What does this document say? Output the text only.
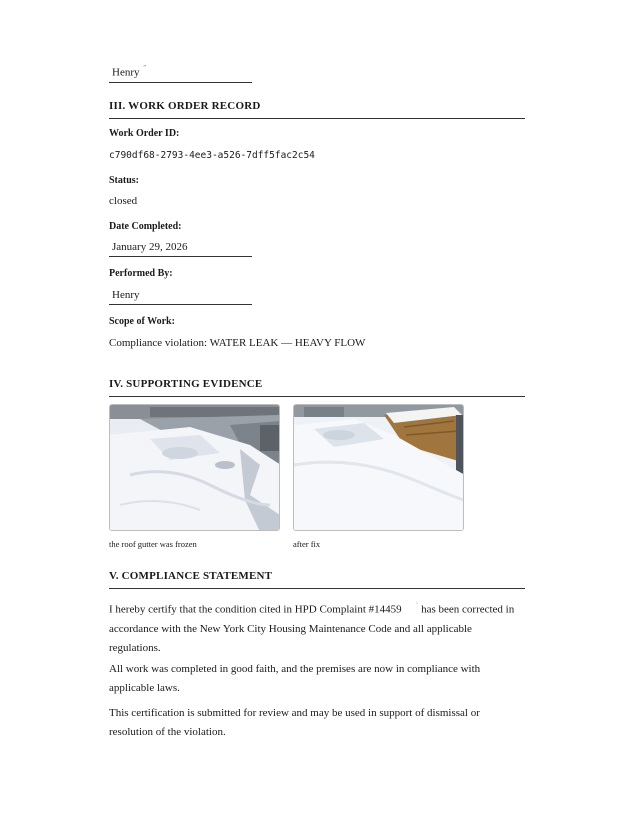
Henry ˝
III. WORK ORDER RECORD
Work Order ID:
c790df68-2793-4ee3-a526-7dff5fac2c54
Status:
closed
Date Completed:
January 29, 2026
Performed By:
Henry
Scope of Work:
Compliance violation: WATER LEAK — HEAVY FLOW
IV. SUPPORTING EVIDENCE
the roof gutter was frozen	after fix
V. COMPLIANCE STATEMENT
I hereby certify that the condition cited in HPD Complaint #14459 ˙ has been corrected in accordance with the New York City Housing Maintenance Code and all applicable regulations.
All work was completed in good faith, and the premises are now in compliance with applicable laws.
This certification is submitted for review and may be used in support of dismissal or resolution of the violation.
